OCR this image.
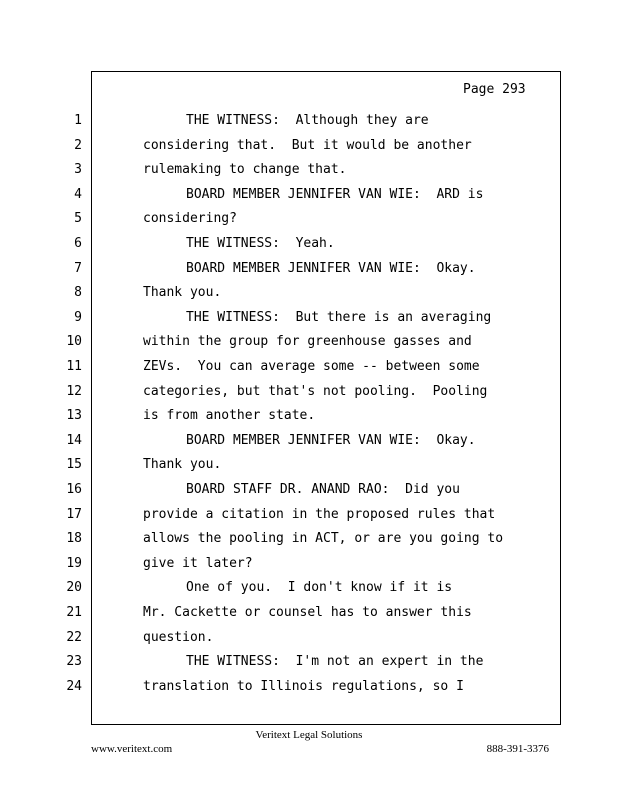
Page 293
1	THE WITNESS:  Although they are
2	considering that.  But it would be another
3	rulemaking to change that.
4	BOARD MEMBER JENNIFER VAN WIE:  ARD is
5	considering?
6	THE WITNESS:  Yeah.
7	BOARD MEMBER JENNIFER VAN WIE:  Okay.
8	Thank you.
9	THE WITNESS:  But there is an averaging
10	within the group for greenhouse gasses and
11	ZEVs.  You can average some -- between some
12	categories, but that's not pooling.  Pooling
13	is from another state.
14	BOARD MEMBER JENNIFER VAN WIE:  Okay.
15	Thank you.
16	BOARD STAFF DR. ANAND RAO:  Did you
17	provide a citation in the proposed rules that
18	allows the pooling in ACT, or are you going to
19	give it later?
20	One of you.  I don't know if it is
21	Mr. Cackette or counsel has to answer this
22	question.
23	THE WITNESS:  I'm not an expert in the
24	translation to Illinois regulations, so I
Veritext Legal Solutions
www.veritext.com	888-391-3376
